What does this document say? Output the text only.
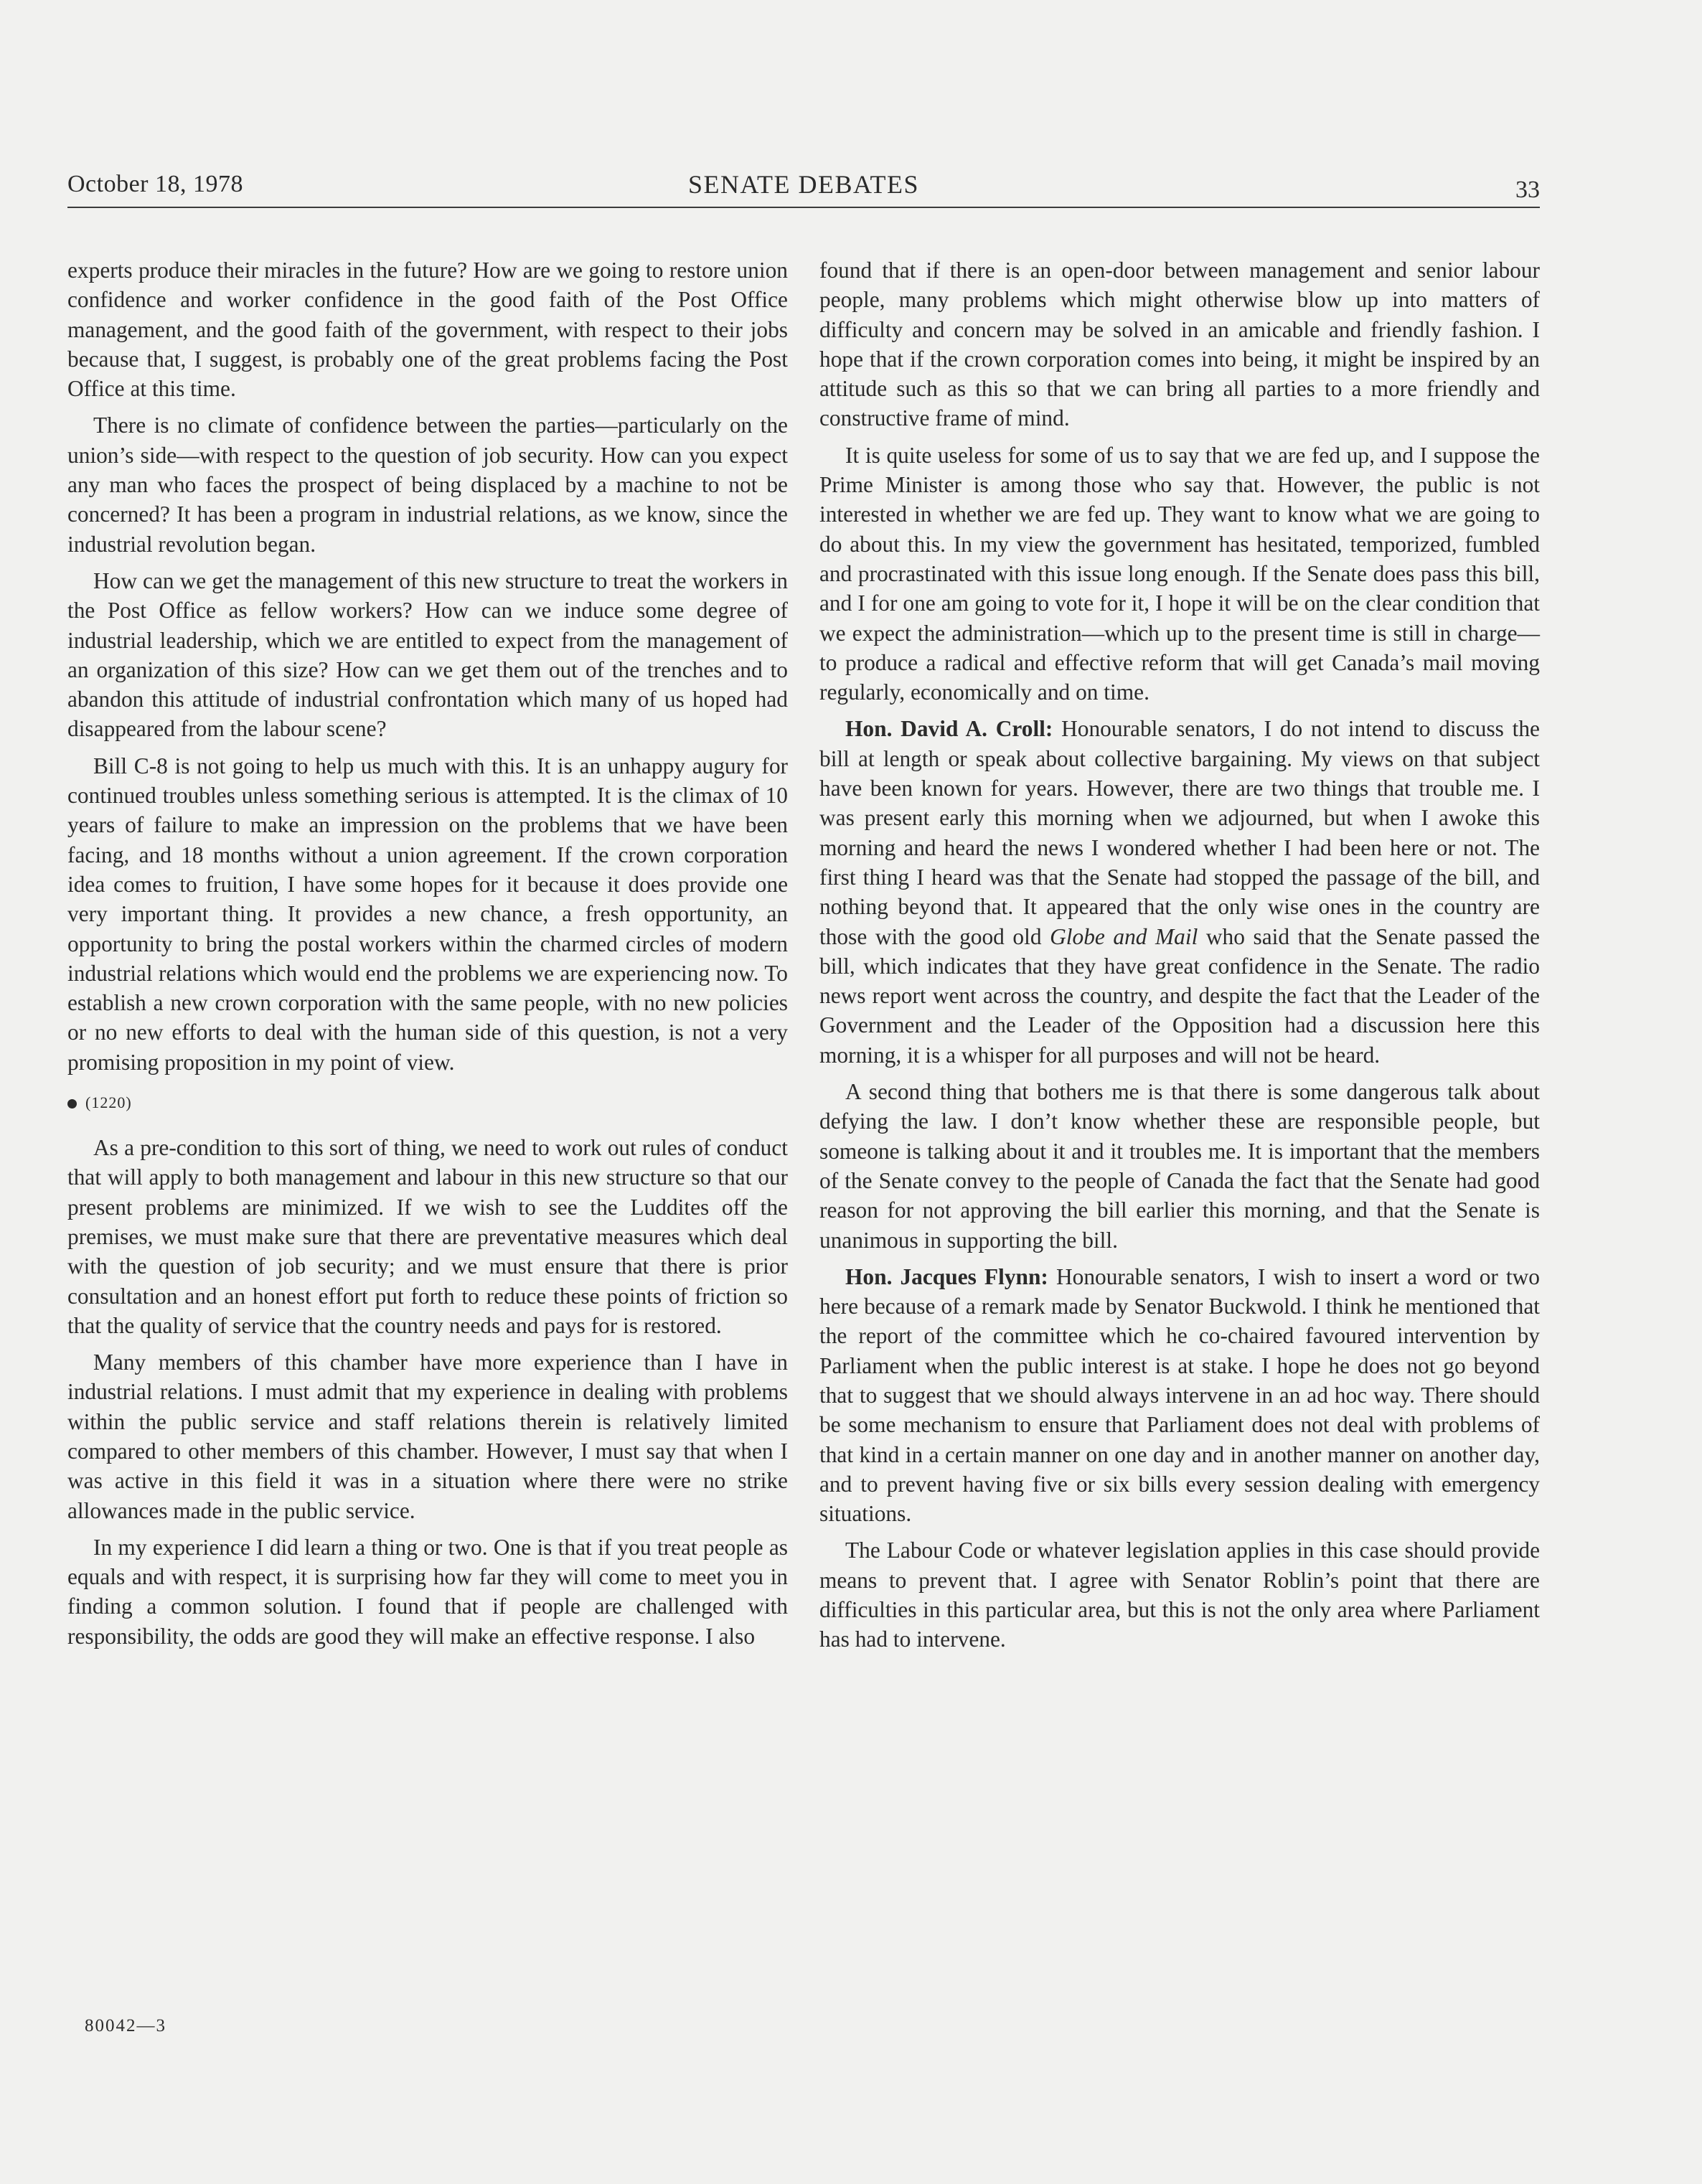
October 18, 1978	SENATE DEBATES	33

experts produce their miracles in the future? How are we going to restore union confidence and worker confidence in the good faith of the Post Office management, and the good faith of the government, with respect to their jobs because that, I suggest, is probably one of the great problems facing the Post Office at this time.

There is no climate of confidence between the parties—particularly on the union’s side—with respect to the question of job security. How can you expect any man who faces the prospect of being displaced by a machine to not be concerned? It has been a program in industrial relations, as we know, since the industrial revolution began.

How can we get the management of this new structure to treat the workers in the Post Office as fellow workers? How can we induce some degree of industrial leadership, which we are entitled to expect from the management of an organization of this size? How can we get them out of the trenches and to abandon this attitude of industrial confrontation which many of us hoped had disappeared from the labour scene?

Bill C-8 is not going to help us much with this. It is an unhappy augury for continued troubles unless something serious is attempted. It is the climax of 10 years of failure to make an impression on the problems that we have been facing, and 18 months without a union agreement. If the crown corporation idea comes to fruition, I have some hopes for it because it does provide one very important thing. It provides a new chance, a fresh opportunity, an opportunity to bring the postal workers within the charmed circles of modern industrial relations which would end the problems we are experiencing now. To establish a new crown corporation with the same people, with no new policies or no new efforts to deal with the human side of this question, is not a very promising proposition in my point of view.

(1220)

As a pre-condition to this sort of thing, we need to work out rules of conduct that will apply to both management and labour in this new structure so that our present problems are minimized. If we wish to see the Luddites off the premises, we must make sure that there are preventative measures which deal with the question of job security; and we must ensure that there is prior consultation and an honest effort put forth to reduce these points of friction so that the quality of service that the country needs and pays for is restored.

Many members of this chamber have more experience than I have in industrial relations. I must admit that my experience in dealing with problems within the public service and staff relations therein is relatively limited compared to other members of this chamber. However, I must say that when I was active in this field it was in a situation where there were no strike allowances made in the public service.

In my experience I did learn a thing or two. One is that if you treat people as equals and with respect, it is surprising how far they will come to meet you in finding a common solution. I found that if people are challenged with responsibility, the odds are good they will make an effective response. I also

found that if there is an open-door between management and senior labour people, many problems which might otherwise blow up into matters of difficulty and concern may be solved in an amicable and friendly fashion. I hope that if the crown corporation comes into being, it might be inspired by an attitude such as this so that we can bring all parties to a more friendly and constructive frame of mind.

It is quite useless for some of us to say that we are fed up, and I suppose the Prime Minister is among those who say that. However, the public is not interested in whether we are fed up. They want to know what we are going to do about this. In my view the government has hesitated, temporized, fumbled and procrastinated with this issue long enough. If the Senate does pass this bill, and I for one am going to vote for it, I hope it will be on the clear condition that we expect the administration—which up to the present time is still in charge—to produce a radical and effective reform that will get Canada’s mail moving regularly, economically and on time.

Hon. David A. Croll: Honourable senators, I do not intend to discuss the bill at length or speak about collective bargaining. My views on that subject have been known for years. However, there are two things that trouble me. I was present early this morning when we adjourned, but when I awoke this morning and heard the news I wondered whether I had been here or not. The first thing I heard was that the Senate had stopped the passage of the bill, and nothing beyond that. It appeared that the only wise ones in the country are those with the good old Globe and Mail who said that the Senate passed the bill, which indicates that they have great confidence in the Senate. The radio news report went across the country, and despite the fact that the Leader of the Government and the Leader of the Opposition had a discussion here this morning, it is a whisper for all purposes and will not be heard.

A second thing that bothers me is that there is some dangerous talk about defying the law. I don’t know whether these are responsible people, but someone is talking about it and it troubles me. It is important that the members of the Senate convey to the people of Canada the fact that the Senate had good reason for not approving the bill earlier this morning, and that the Senate is unanimous in supporting the bill.

Hon. Jacques Flynn: Honourable senators, I wish to insert a word or two here because of a remark made by Senator Buckwold. I think he mentioned that the report of the committee which he co-chaired favoured intervention by Parliament when the public interest is at stake. I hope he does not go beyond that to suggest that we should always intervene in an ad hoc way. There should be some mechanism to ensure that Parliament does not deal with problems of that kind in a certain manner on one day and in another manner on another day, and to prevent having five or six bills every session dealing with emergency situations.

The Labour Code or whatever legislation applies in this case should provide means to prevent that. I agree with Senator Roblin’s point that there are difficulties in this particular area, but this is not the only area where Parliament has had to intervene.

80042—3
